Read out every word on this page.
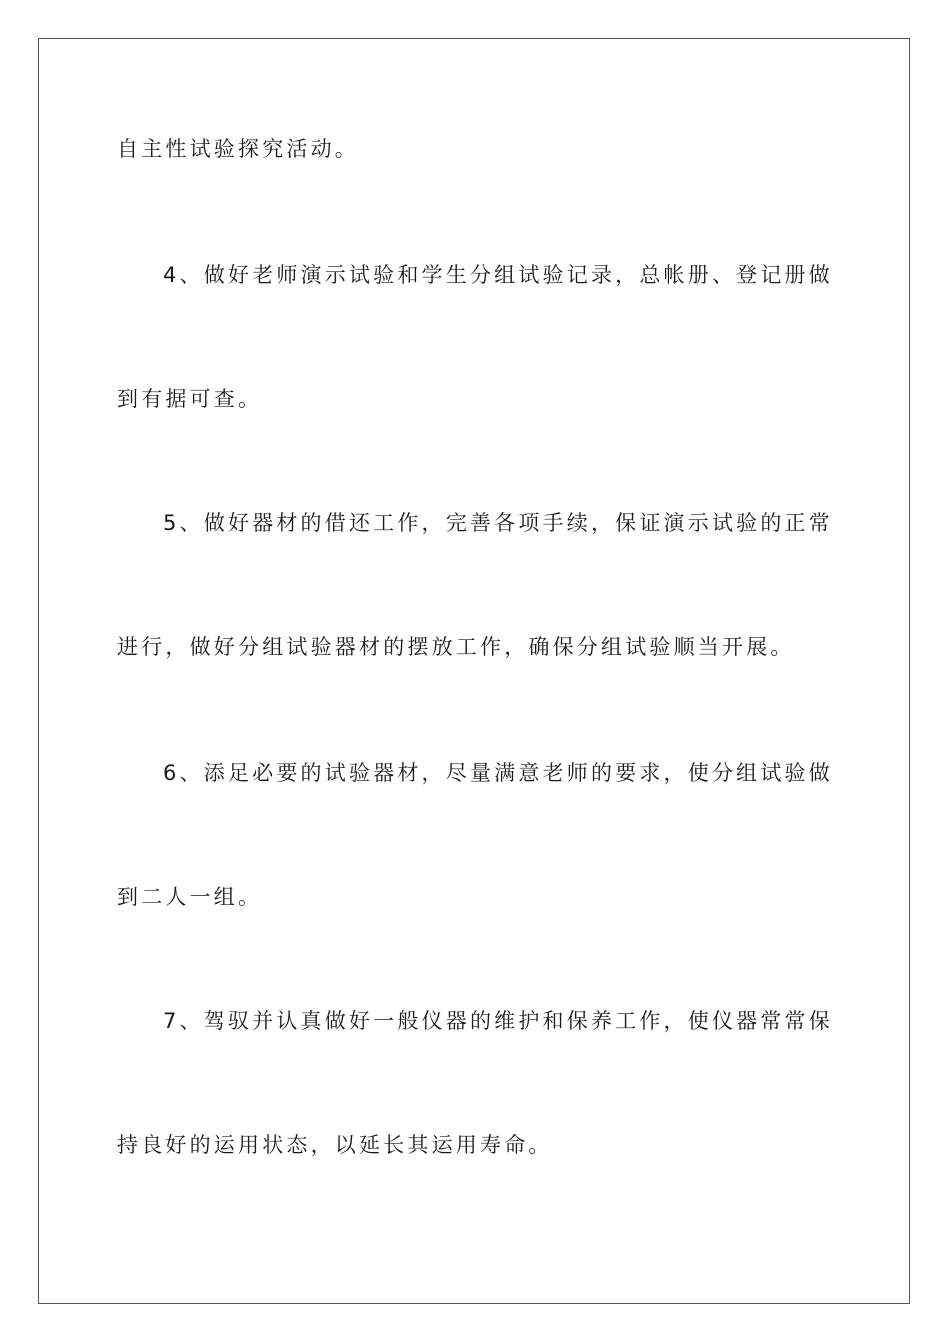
自主性试验探究活动。
4、做好老师演示试验和学生分组试验记录，总帐册、登记册做
到有据可查。
5、做好器材的借还工作，完善各项手续，保证演示试验的正常
进行，做好分组试验器材的摆放工作，确保分组试验顺当开展。
6、添足必要的试验器材，尽量满意老师的要求，使分组试验做
到二人一组。
7、驾驭并认真做好一般仪器的维护和保养工作，使仪器常常保
持良好的运用状态，以延长其运用寿命。
